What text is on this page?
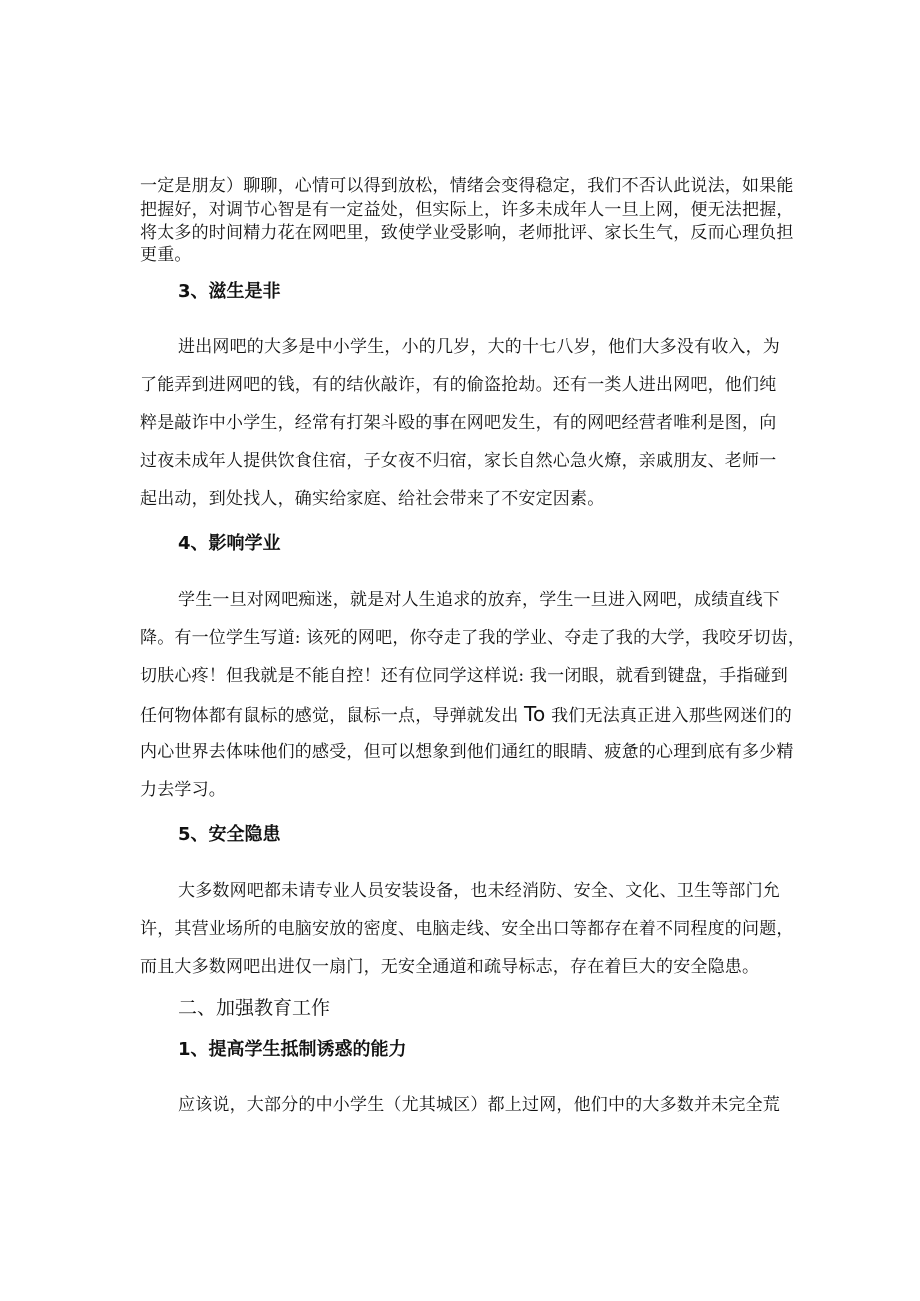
一定是朋友）聊聊，心情可以得到放松，情绪会变得稳定，我们不否认此说法，如果能
把握好，对调节心智是有一定益处，但实际上，许多未成年人一旦上网，便无法把握，
将太多的时间精力花在网吧里，致使学业受影响，老师批评、家长生气，反而心理负担
更重。
3、滋生是非
进出网吧的大多是中小学生，小的几岁，大的十七八岁，他们大多没有收入，为
了能弄到进网吧的钱，有的结伙敲诈，有的偷盗抢劫。还有一类人进出网吧，他们纯
粹是敲诈中小学生，经常有打架斗殴的事在网吧发生，有的网吧经营者唯利是图，向
过夜未成年人提供饮食住宿，子女夜不归宿，家长自然心急火燎，亲戚朋友、老师一
起出动，到处找人，确实给家庭、给社会带来了不安定因素。
4、影响学业
学生一旦对网吧痴迷，就是对人生追求的放弃，学生一旦进入网吧，成绩直线下
降。有一位学生写道: 该死的网吧，你夺走了我的学业、夺走了我的大学，我咬牙切齿，
切肤心疼！但我就是不能自控！还有位同学这样说: 我一闭眼，就看到键盘，手指碰到
任何物体都有鼠标的感觉，鼠标一点，导弹就发出 To 我们无法真正进入那些网迷们的
内心世界去体味他们的感受，但可以想象到他们通红的眼睛、疲惫的心理到底有多少精
力去学习。
5、安全隐患
大多数网吧都未请专业人员安装设备，也未经消防、安全、文化、卫生等部门允
许，其营业场所的电脑安放的密度、电脑走线、安全出口等都存在着不同程度的问题，
而且大多数网吧出进仅一扇门，无安全通道和疏导标志，存在着巨大的安全隐患。
二、加强教育工作
1、提高学生抵制诱惑的能力
应该说，大部分的中小学生（尤其城区）都上过网，他们中的大多数并未完全荒
